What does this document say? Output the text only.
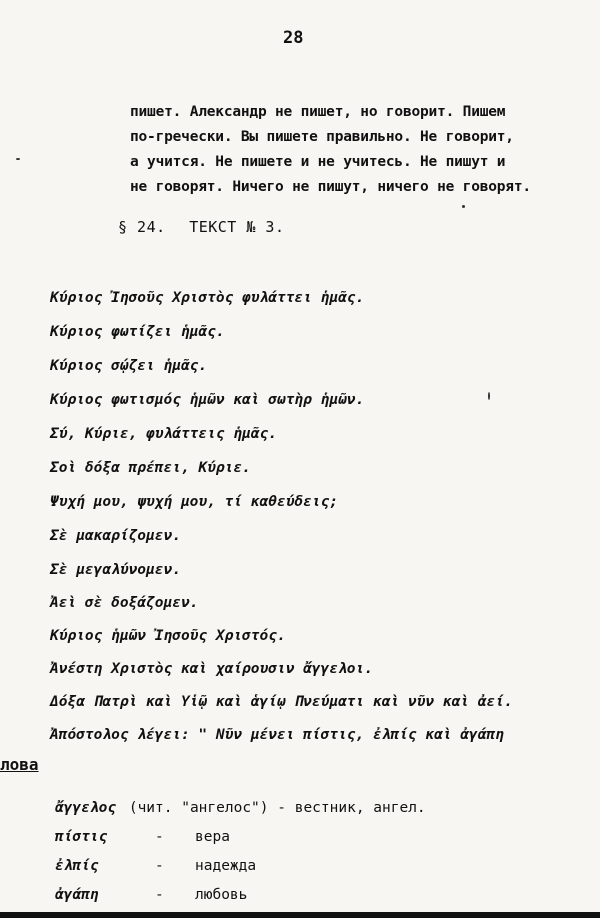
28
пишет. Александр не пишет, но говорит. Пишем
по-гречески. Вы пишете правильно. Не говорит,
а учится. Не пишете и не учитесь. Не пишут и
не говорят. Ничего не пишут, ничего не говорят.
§ 24. ТЕКСТ № 3.
Κύριος Ἰησοῦς Χριστὸς φυλάττει ἡμᾶς.
Κύριος φωτίζει ἡμᾶς.
Κύριος σῴζει ἡμᾶς.
Κύριος φωτισμός ἡμῶν καὶ σωτὴρ ἡμῶν.
Σύ, Κύριε, φυλάττεις ἡμᾶς.
Σοὶ δόξα πρέπει, Κύριε.
Ψυχή μου, ψυχή μου, τί καθεύδεις;
Σὲ μακαρίζομεν.
Σὲ μεγαλύνομεν.
Ἀεὶ σὲ δοξάζομεν.
Κύριος ἡμῶν Ἰησοῦς Χριστός.
Ἀνέστη Χριστὸς καὶ χαίρουσιν ἄγγελοι.
Δόξα Πατρὶ καὶ Υἱῷ καὶ ἁγίῳ Πνεύματι καὶ νῦν καὶ ἀεί.
Ἀπόστολος λέγει: " Νῦν μένει πίστις, ἐλπίς καὶ ἀγάπη
лова
ἄγγελος (чит. "ангелос") - вестник, ангел.
πίστις	- вера
ἐλπίς	- надежда
ἀγάπη	- любовь
